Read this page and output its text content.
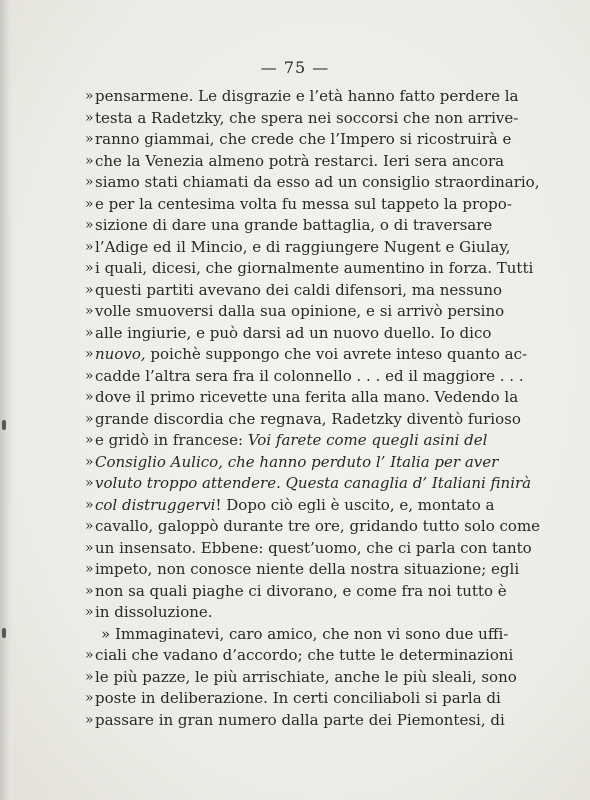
— 75 —
» pensarmene. Le disgrazie e l’età hanno fatto perdere la
» testa a Radetzky, che spera nei soccorsi che non arrive-
» ranno giammai, che crede che l’Impero si ricostruirà e
» che la Venezia almeno potrà restarci. Ieri sera ancora
» siamo stati chiamati da esso ad un consiglio straordinario,
» e per la centesima volta fu messa sul tappeto la propo-
» sizione di dare una grande battaglia, o di traversare
» l’Adige ed il Mincio, e di raggiungere Nugent e Giulay,
» i quali, dicesi, che giornalmente aumentino in forza. Tutti
» questi partiti avevano dei caldi difensori, ma nessuno
» volle smuoversi dalla sua opinione, e si arrivò persino
» alle ingiurie, e può darsi ad un nuovo duello. Io dico
» nuovo, poichè suppongo che voi avrete inteso quanto ac-
» cadde l’altra sera fra il colonnello . . . ed il maggiore . . .
» dove il primo ricevette una ferita alla mano. Vedendo la
» grande discordia che regnava, Radetzky diventò furioso
» e gridò in francese: Voi farete come quegli asini del
» Consiglio Aulico, che hanno perduto l’ Italia per aver
» voluto troppo attendere. Questa canaglia d’ Italiani finirà
» col distruggervi! Dopo ciò egli è uscito, e, montato a
» cavallo, galoppò durante tre ore, gridando tutto solo come
» un insensato. Ebbene: quest’uomo, che ci parla con tanto
» impeto, non conosce niente della nostra situazione; egli
» non sa quali piaghe ci divorano, e come fra noi tutto è
» in dissoluzione.
» Immaginatevi, caro amico, che non vi sono due uffi-
» ciali che vadano d’accordo; che tutte le determinazioni
» le più pazze, le più arrischiate, anche le più sleali, sono
» poste in deliberazione. In certi conciliaboli si parla di
» passare in gran numero dalla parte dei Piemontesi, di
